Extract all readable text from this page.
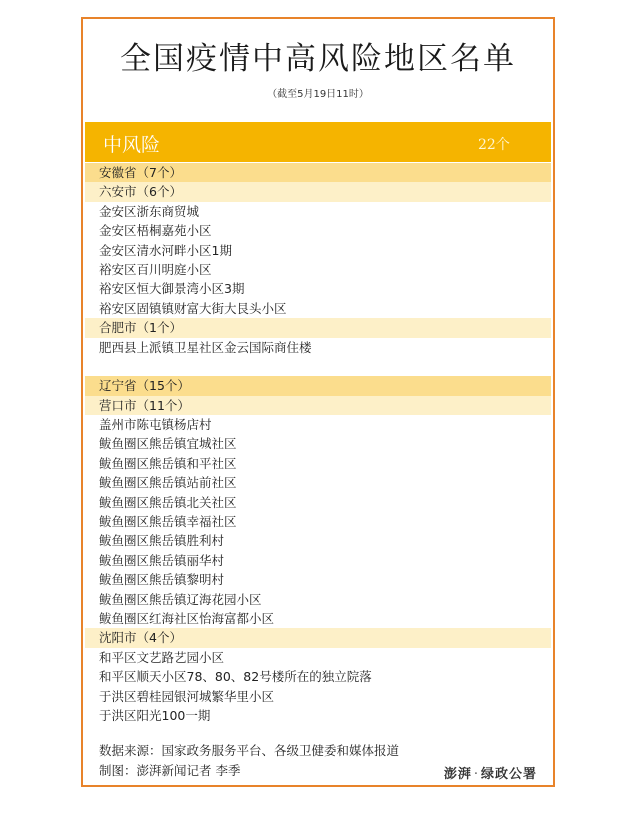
全国疫情中高风险地区名单
（截至5月19日11时）
中风险	22个
安徽省（7个）
六安市（6个）
金安区浙东商贸城
金安区梧桐嘉苑小区
金安区清水河畔小区1期
裕安区百川明庭小区
裕安区恒大御景湾小区3期
裕安区固镇镇财富大街大艮头小区
合肥市（1个）
肥西县上派镇卫星社区金云国际商住楼
辽宁省（15个）
营口市（11个）
盖州市陈屯镇杨店村
鲅鱼圈区熊岳镇宜城社区
鲅鱼圈区熊岳镇和平社区
鲅鱼圈区熊岳镇站前社区
鲅鱼圈区熊岳镇北关社区
鲅鱼圈区熊岳镇幸福社区
鲅鱼圈区熊岳镇胜利村
鲅鱼圈区熊岳镇丽华村
鲅鱼圈区熊岳镇黎明村
鲅鱼圈区熊岳镇辽海花园小区
鲅鱼圈区红海社区怡海富都小区
沈阳市（4个）
和平区文艺路艺园小区
和平区顺天小区78、80、82号楼所在的独立院落
于洪区碧桂园银河城繁华里小区
于洪区阳光100一期
数据来源：国家政务服务平台、各级卫健委和媒体报道
制图：澎湃新闻记者 李季	澎湃 · 绿政公署
